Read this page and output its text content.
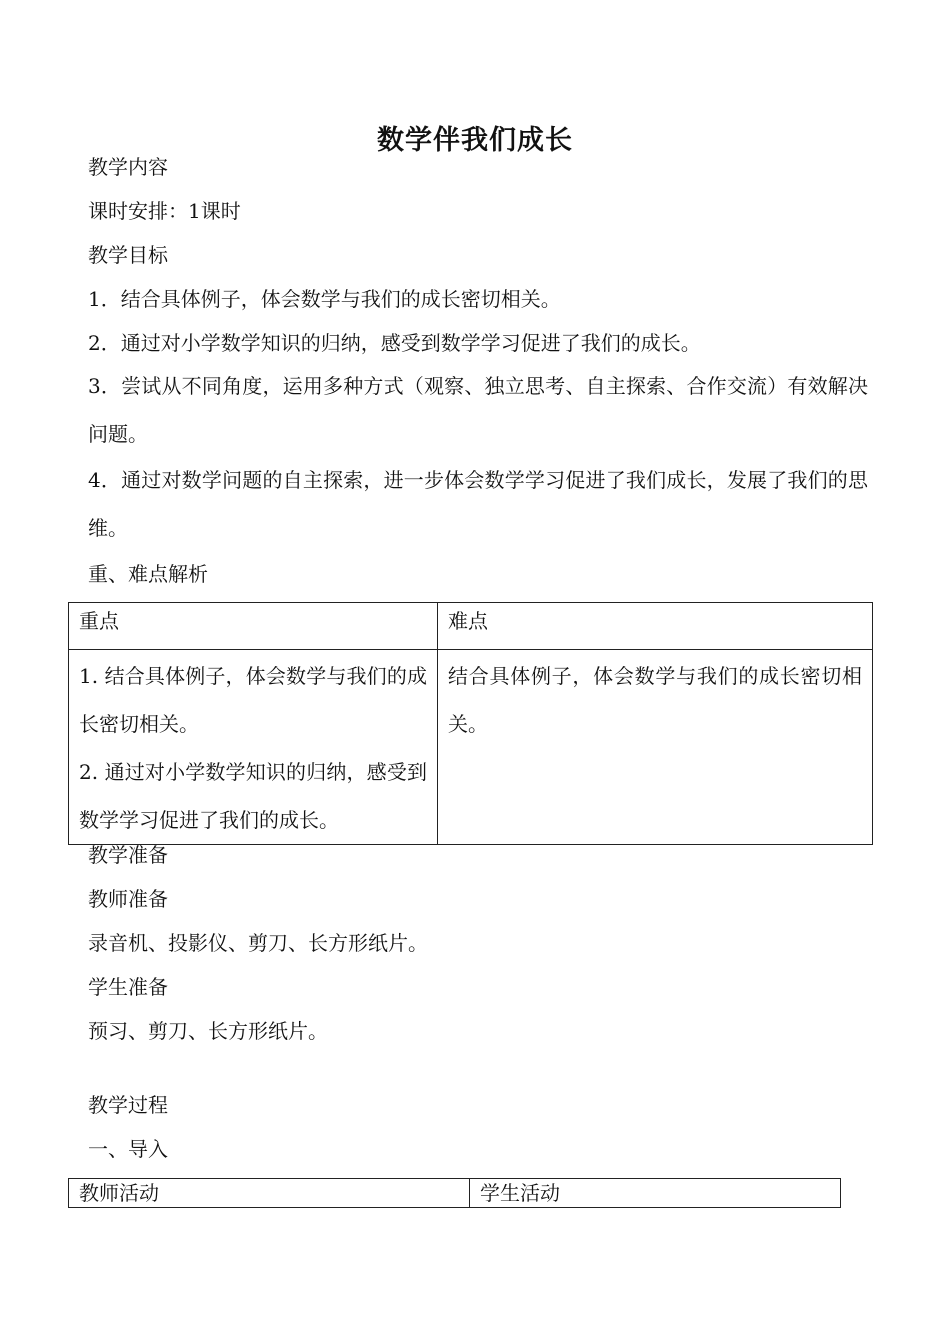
数学伴我们成长
教学内容
课时安排：1课时
教学目标
1．结合具体例子，体会数学与我们的成长密切相关。
2．通过对小学数学知识的归纳，感受到数学学习促进了我们的成长。
3．尝试从不同角度，运用多种方式（观察、独立思考、自主探索、合作交流）有效解决问题。
4．通过对数学问题的自主探索，进一步体会数学学习促进了我们成长，发展了我们的思维。
重、难点解析
重点	难点

1. 结合具体例子，体会数学与我们的成长密切相关。
2. 通过对小学数学知识的归纳，感受到数学学习促进了我们的成长。	结合具体例子，体会数学与我们的成长密切相关。
教学准备
教师准备
录音机、投影仪、剪刀、长方形纸片。
学生准备
预习、剪刀、长方形纸片。
教学过程
一、导入
教师活动	学生活动
